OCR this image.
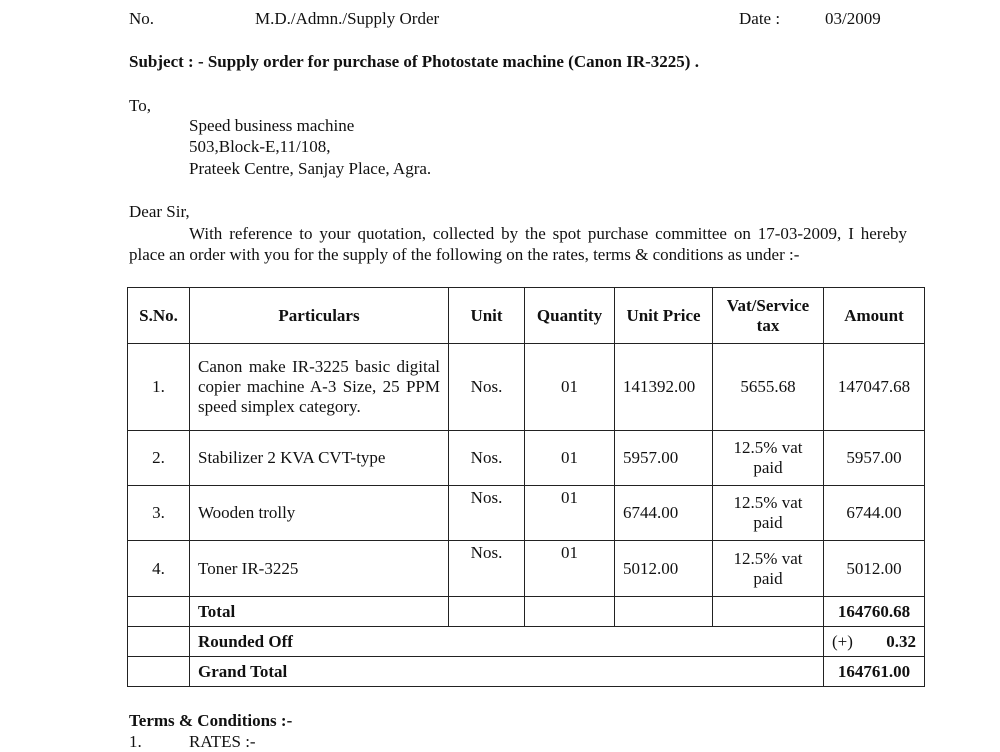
No.	M.D./Admn./Supply Order	Date :	03/2009
Subject : - Supply order for purchase of Photostate machine (Canon IR-3225) .
To,
Speed business machine
503,Block-E,11/108,
Prateek Centre, Sanjay Place, Agra.
Dear Sir,
With reference to your quotation, collected by the spot purchase committee on 17-03-2009, I hereby place an order with you for the supply of the following on the rates, terms & conditions as under :-
S.No.	Particulars	Unit	Quantity	Unit Price	Vat/Service tax	Amount
1.	Canon make IR-3225 basic digital copier machine A-3 Size, 25 PPM speed simplex category.	Nos.	01	141392.00	5655.68	147047.68
2.	Stabilizer 2 KVA CVT-type	Nos.	01	5957.00	12.5% vat paid	5957.00
3.	Wooden trolly	Nos.	01	6744.00	12.5% vat paid	6744.00
4.	Toner IR-3225	Nos.	01	5012.00	12.5% vat paid	5012.00
	Total					164760.68
	Rounded Off					(+) 0.32

	Grand Total					164761.00
Terms & Conditions :-
1.	RATES :-
